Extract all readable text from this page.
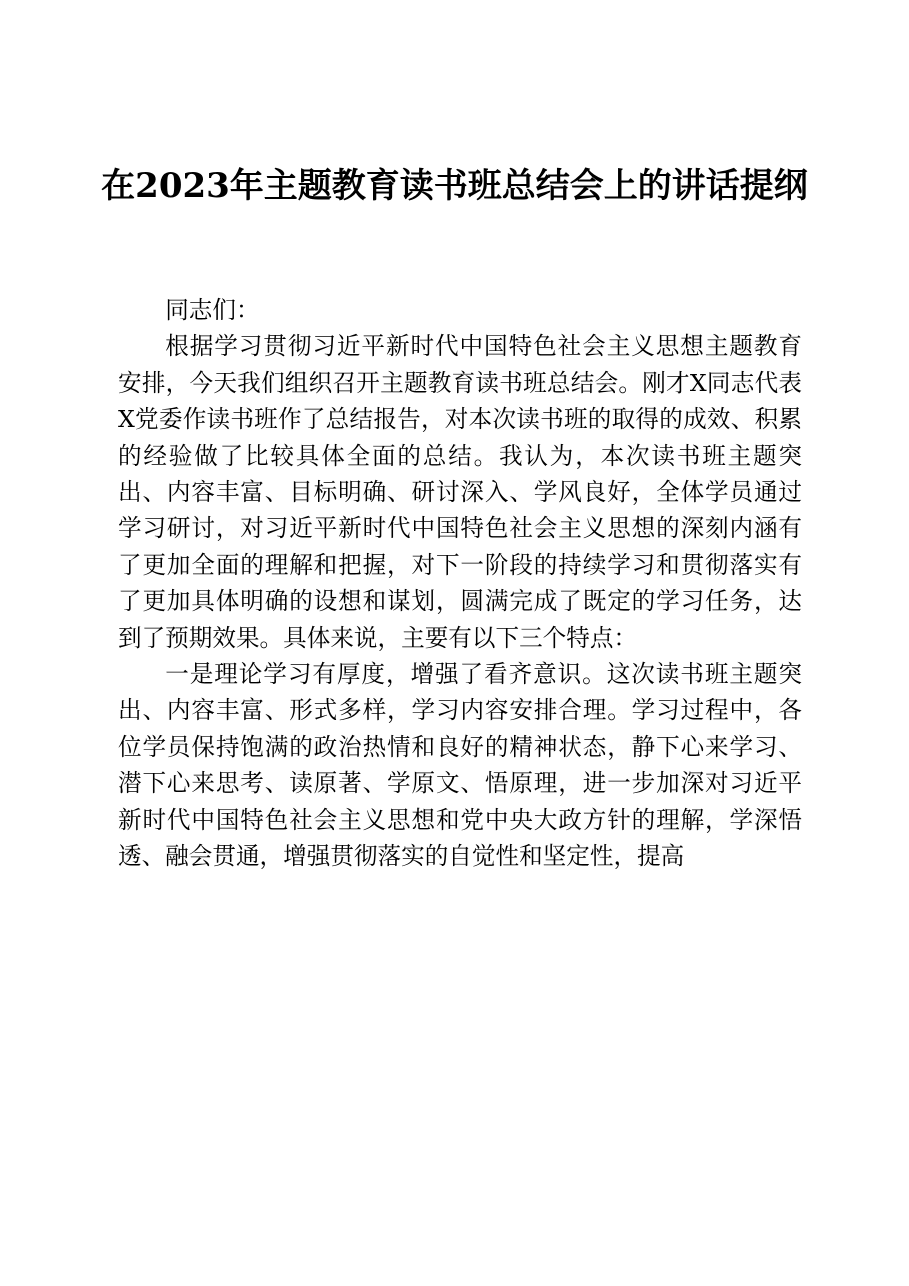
在2023年主题教育读书班总结会上的讲话提纲

同志们：

根据学习贯彻习近平新时代中国特色社会主义思想主题教育安排，今天我们组织召开主题教育读书班总结会。刚才X同志代表X党委作读书班作了总结报告，对本次读书班的取得的成效、积累的经验做了比较具体全面的总结。我认为，本次读书班主题突出、内容丰富、目标明确、研讨深入、学风良好，全体学员通过学习研讨，对习近平新时代中国特色社会主义思想的深刻内涵有了更加全面的理解和把握，对下一阶段的持续学习和贯彻落实有了更加具体明确的设想和谋划，圆满完成了既定的学习任务，达到了预期效果。具体来说，主要有以下三个特点：

一是理论学习有厚度，增强了看齐意识。这次读书班主题突出、内容丰富、形式多样，学习内容安排合理。学习过程中，各位学员保持饱满的政治热情和良好的精神状态，静下心来学习、潜下心来思考、读原著、学原文、悟原理，进一步加深对习近平新时代中国特色社会主义思想和党中央大政方针的理解，学深悟透、融会贯通，增强贯彻落实的自觉性和坚定性，提高
